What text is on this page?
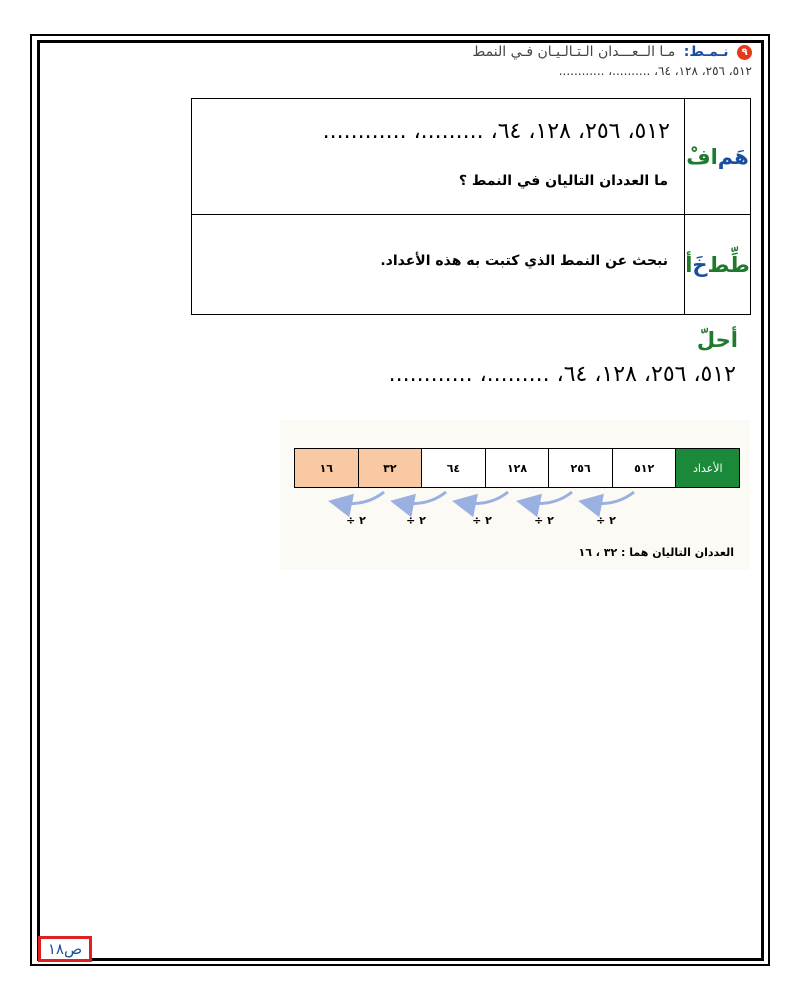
٩ نـمـط: مـا الــعـــدان الـتـالـيـان فـي النمط
٥١٢، ٢٥٦، ١٢٨، ٦٤، ..........، ............
افْ هَم
٥١٢، ٢٥٦، ١٢٨، ٦٤، .........، ............
ما العددان التاليان في النمط ؟
أ خَ طِّط
نبحث عن النمط الذي كتبت به هذه الأعداد.
أحلّ
٥١٢، ٢٥٦، ١٢٨، ٦٤، .........، ............
١٦	٣٢	٦٤	١٢٨	٢٥٦	٥١٢	الأعداد
÷ ٢
÷ ٢
÷ ٢
÷ ٢
÷ ٢
العددان التاليان هما : ٣٢ ، ١٦
ص١٨
